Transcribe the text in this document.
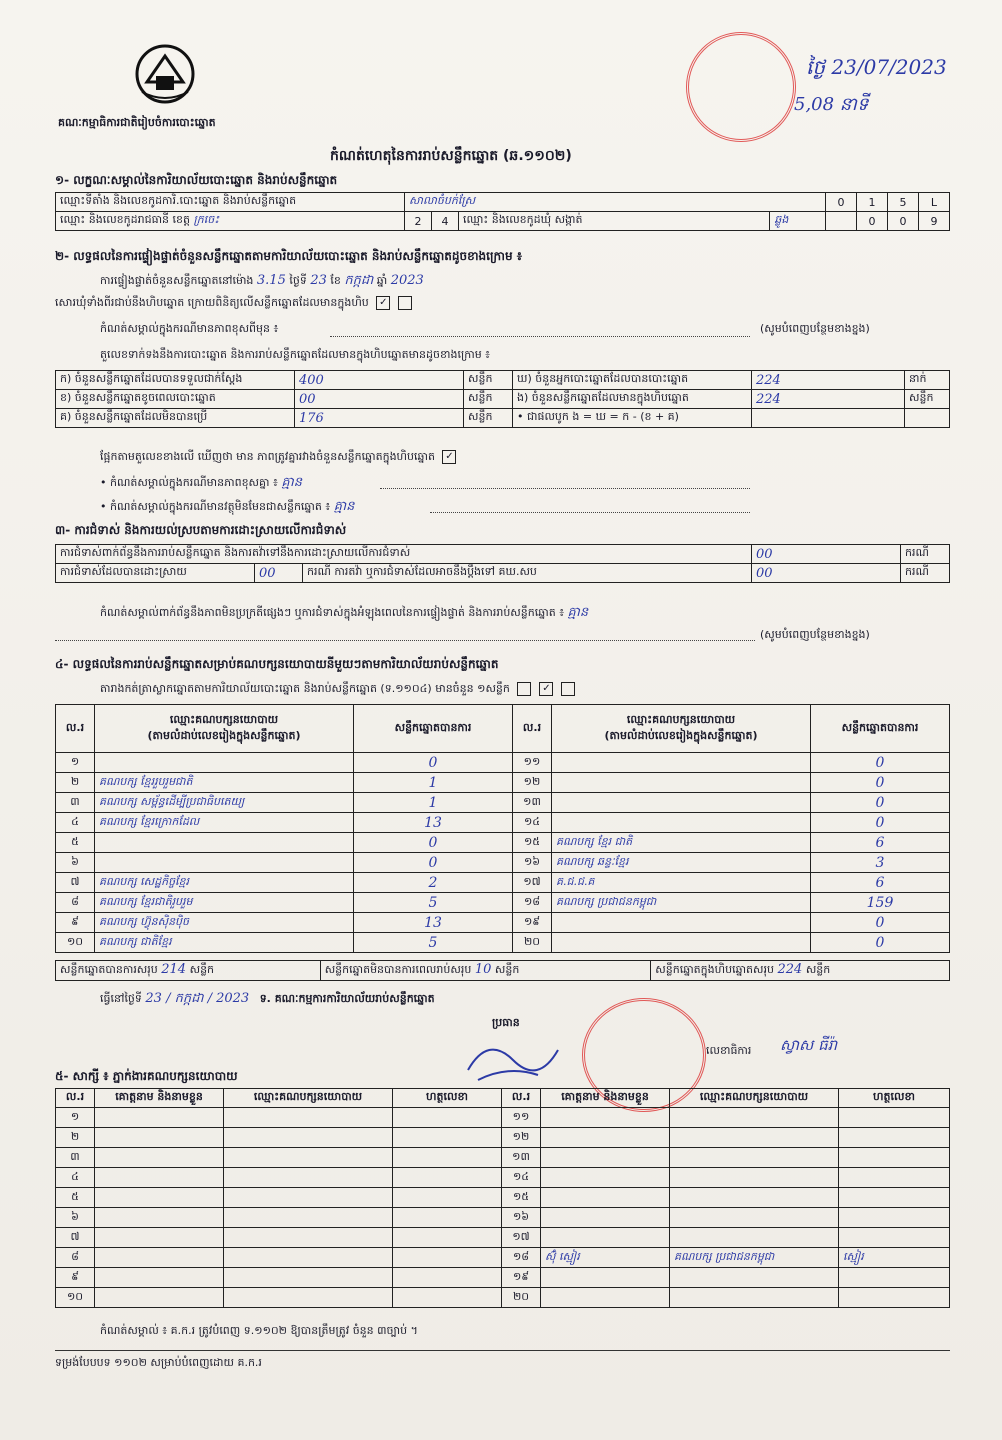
គណៈកម្មាធិការជាតិរៀបចំការបោះឆ្នោត
ថ្ងៃ 23/07/2023
5,08 នាទី
កំណត់ហេតុនៃការរាប់សន្លឹកឆ្នោត (ឆ.១១០២)
១- លក្ខណៈសម្គាល់នៃការិយាល័យបោះឆ្នោត និងរាប់សន្លឹកឆ្នោត
ឈ្មោះទីតាំង និងលេខកូដការិ.បោះឆ្នោត និងរាប់សន្លឹកឆ្នោត	សាលាចំបក់ស្រែ				0	1	5	L
ឈ្មោះ និងលេខកូដរាជធានី ខេត្ត ក្រចេះ	2	4	ឈ្មោះ និងលេខកូដឃុំ សង្កាត់	ឆ្លូង		0	0	9
២- លទ្ធផលនៃការផ្ទៀងផ្ទាត់ចំនួនសន្លឹកឆ្នោតតាមការិយាល័យបោះឆ្នោត និងរាប់សន្លឹកឆ្នោតដូចខាងក្រោម ៖
ការផ្ទៀងផ្ទាត់ចំនួនសន្លឹកឆ្នោតនៅម៉ោង 3.15 ថ្ងៃទី 23 ខែ កក្កដា ឆ្នាំ 2023
សោរឃុំទាំងពីរជាប់នឹងហិបឆ្នោត ក្រោយពិនិត្យលើសន្លឹកឆ្នោតដែលមានក្នុងហិប ✓
កំណត់សម្គាល់ក្នុងករណីមានភាពខុសពីមុន ៖	(សូមបំពេញបន្ថែមខាងខ្នង)
តួលេខទាក់ទងនឹងការបោះឆ្នោត និងការរាប់សន្លឹកឆ្នោតដែលមានក្នុងហិបឆ្នោតមានដូចខាងក្រោម ៖
ក) ចំនួនសន្លឹកឆ្នោតដែលបានទទួលជាក់ស្ដែង	400	សន្លឹក	ឃ) ចំនួនអ្នកបោះឆ្នោតដែលបានបោះឆ្នោត	224	នាក់
ខ) ចំនួនសន្លឹកឆ្នោតខូចពេលបោះឆ្នោត	00	សន្លឹក	ង) ចំនួនសន្លឹកឆ្នោតដែលមានក្នុងហិបឆ្នោត	224	សន្លឹក
គ) ចំនួនសន្លឹកឆ្នោតដែលមិនបានប្រើ	176	សន្លឹក	• ជាផលបូក ង = ឃ = ក - (ខ + គ)		
ផ្អែកតាមតួលេខខាងលើ ឃើញថា មាន ភាពត្រូវគ្នារវាងចំនួនសន្លឹកឆ្នោតក្នុងហិបឆ្នោត ✓
• កំណត់សម្គាល់ក្នុងករណីមានភាពខុសគ្នា ៖ គ្មាន
• កំណត់សម្គាល់ក្នុងករណីមានវត្ថុមិនមែនជាសន្លឹកឆ្នោត ៖ គ្មាន
៣- ការជំទាស់ និងការយល់ស្របតាមការដោះស្រាយលើការជំទាស់
ការជំទាស់ពាក់ព័ន្ធនឹងការរាប់សន្លឹកឆ្នោត និងការតវ៉ាទៅនឹងការដោះស្រាយលើការជំទាស់			00	ករណី
ការជំទាស់ដែលបានដោះស្រាយ	00	ករណី ការតវ៉ា ឬការជំទាស់ដែលអាចនឹងប្ដឹងទៅ គឃ.សប	00	ករណី
កំណត់សម្គាល់ពាក់ព័ន្ធនឹងភាពមិនប្រក្រតីផ្សេងៗ ឬការជំទាស់ក្នុងអំឡុងពេលនៃការផ្ទៀងផ្ទាត់ និងការរាប់សន្លឹកឆ្នោត ៖ គ្មាន
(សូមបំពេញបន្ថែមខាងខ្នង)
៤- លទ្ធផលនៃការរាប់សន្លឹកឆ្នោតសម្រាប់គណបក្សនយោបាយនីមួយៗតាមការិយាល័យរាប់សន្លឹកឆ្នោត
តារាងកត់ត្រាស្លាកឆ្នោតតាមការិយាល័យបោះឆ្នោត និងរាប់សន្លឹកឆ្នោត (ទ.១១០៤) មានចំនួន ១សន្លឹក	✓
ល.រ	ឈ្មោះគណបក្សនយោបាយ
(តាមលំដាប់លេខរៀងក្នុងសន្លឹកឆ្នោត)	សន្លឹកឆ្នោតបានការ	ល.រ	ឈ្មោះគណបក្សនយោបាយ
(តាមលំដាប់លេខរៀងក្នុងសន្លឹកឆ្នោត)	សន្លឹកឆ្នោតបានការ
១		0	១១		0
២	គណបក្ស ខ្មែររួបរួមជាតិ	1	១២		0
៣	គណបក្ស សម្ព័ន្ធដើម្បីប្រជាធិបតេយ្យ	1	១៣		0
៤	គណបក្ស ខ្មែរក្រោកដែល	13	១៤		0
៥		0	១៥	គណបក្ស ខ្មែរ ជាតិ	6
៦		0	១៦	គណបក្ស ឆន្ទៈខ្មែរ	3
៧	គណបក្ស សេដ្ឋកិច្ចខ្មែរ	2	១៧	គ.ជ.ជ.គ	6
៨	គណបក្ស ខ្មែរជាតិរួបរួម	5	១៨	គណបក្ស ប្រជាជនកម្ពុជា	159
៩	គណបក្ស ហ៊្វុនស៊ិនប៉ិច	13	១៩		0
១០	គណបក្ស ជាតិខ្មែរ	5	២០		0
សន្លឹកឆ្នោតបានការសរុប 214 សន្លឹក	សន្លឹកឆ្នោតមិនបានការពេលរាប់សរុប 10 សន្លឹក	សន្លឹកឆ្នោតក្នុងហិបឆ្នោតសរុប 224 សន្លឹក
ធ្វើនៅថ្ងៃទី 23 / កក្កដា / 2023 ទ. គណៈកម្មការការិយាល័យរាប់សន្លឹកឆ្នោត
ប្រធាន
លេខាធិការ ស្វាស ធីរ៉ា
៥- សាក្សី ៖ ភ្នាក់ងារគណបក្សនយោបាយ
ល.រ	គោត្តនាម និងនាមខ្លួន	ឈ្មោះគណបក្សនយោបាយ	ហត្ថលេខា	ល.រ	គោត្តនាម និងនាមខ្លួន	ឈ្មោះគណបក្សនយោបាយ	ហត្ថលេខា
១				១១			
២				១២			
៣				១៣			
៤				១៤			
៥				១៥			
៦				១៦			
៧				១៧			
៨				១៨	ស៊ុំ ស្មៀរ	គណបក្ស ប្រជាជនកម្ពុជា	ស្មៀរ
៩				១៩			
១០				២០			
កំណត់សម្គាល់ ៖ គ.ក.រ ត្រូវបំពេញ ទ.១១០២ ឱ្យបានត្រឹមត្រូវ ចំនួន ៣ច្បាប់ ។
ទម្រង់បែបបទ ១១០២ សម្រាប់បំពេញដោយ គ.ក.រ
